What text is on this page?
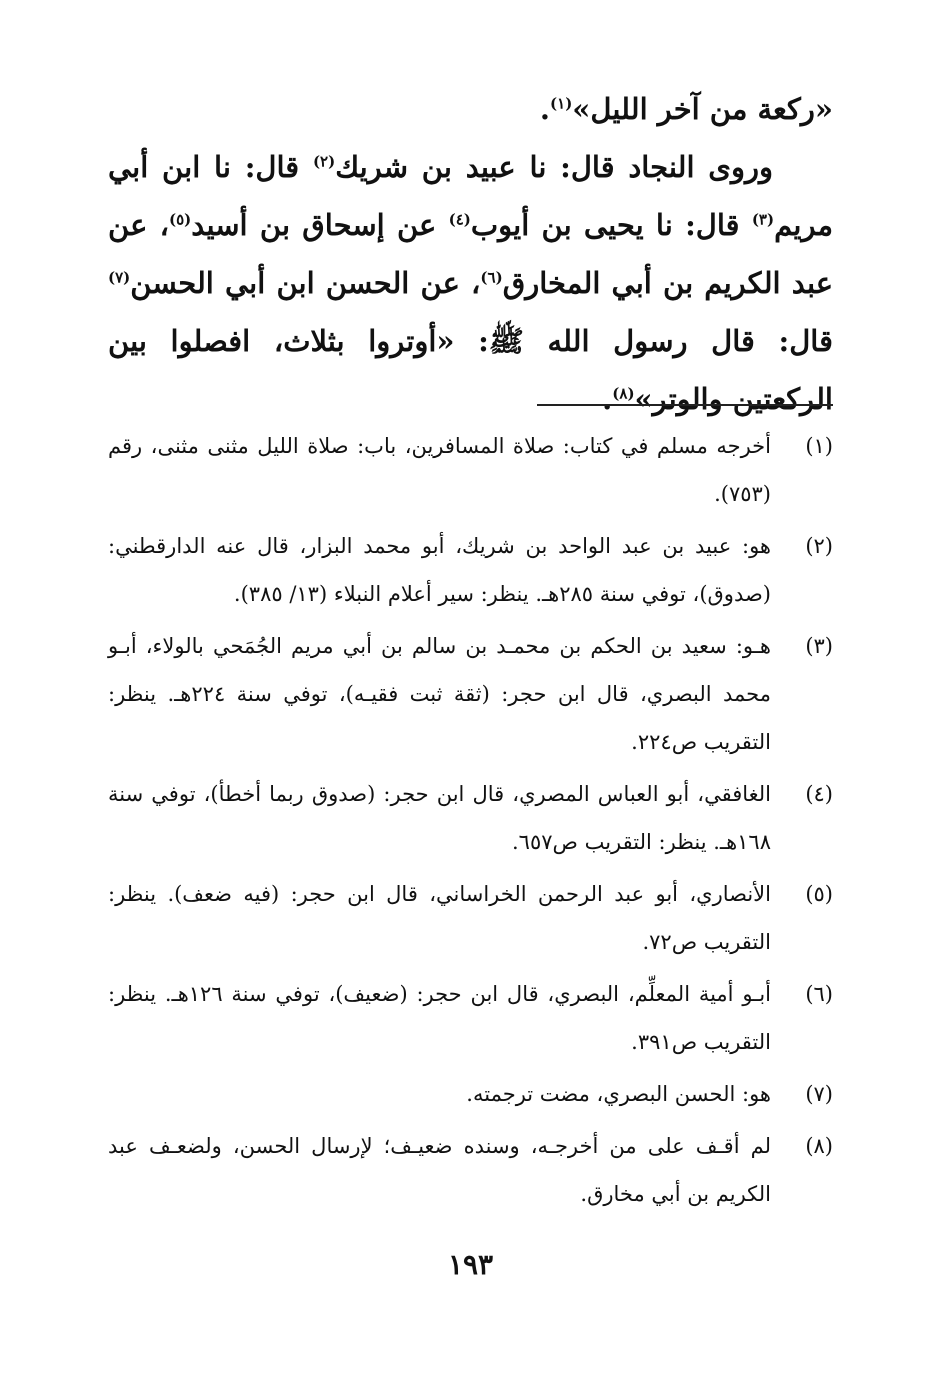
«ركعة من آخر الليل»$^{(١)}$.

وروى النجاد قال: نا عبيد بن شريك$^{(٢)}$ قال: نا ابن أبي مريم$^{(٣)}$ قال: نا يحيى بن أيوب$^{(٤)}$ عن إسحاق بن أسيد$^{(٥)}$، عن عبد الكريم بن أبي المخارق$^{(٦)}$، عن الحسن ابن أبي الحسن$^{(٧)}$ قال: قال رسول الله ﷺ: «أوتروا بثلاث، افصلوا بين الركعتين والوتر»$^{(٨)}$.

(١)
أخرجه مسلم في كتاب: صلاة المسافرين، باب: صلاة الليل مثنى مثنى، رقم (٧٥٣).
(٢)
هو: عبيد بن عبد الواحد بن شريك، أبو محمد البزار، قال عنه الدارقطني: (صدوق)، توفي سنة ٢٨٥هـ. ينظر: سير أعلام النبلاء (١٣/ ٣٨٥).
(٣)
هـو: سعيد بن الحكم بن محمـد بن سالم بن أبي مريم الجُمَحي بالولاء، أبـو محمد البصري، قال ابن حجر: (ثقة ثبت فقيـه)، توفي سنة ٢٢٤هـ. ينظر: التقريب ص٢٢٤.
(٤)
الغافقي، أبو العباس المصري، قال ابن حجر: (صدوق ربما أخطأ)، توفي سنة ١٦٨هـ. ينظر: التقريب ص٦٥٧.
(٥)
الأنصاري، أبو عبد الرحمن الخراساني، قال ابن حجر: (فيه ضعف). ينظر: التقريب ص٧٢.
(٦)
أبـو أمية المعلِّم، البصري، قال ابن حجر: (ضعيف)، توفي سنة ١٢٦هـ. ينظر: التقريب ص٣٩١.
(٧)
هو: الحسن البصري، مضت ترجمته.
(٨)
لم أقـف على من أخرجـه، وسنده ضعيـف؛ لإرسال الحسن، ولضعـف عبد الكريم بن أبي مخارق.
١٩٣
